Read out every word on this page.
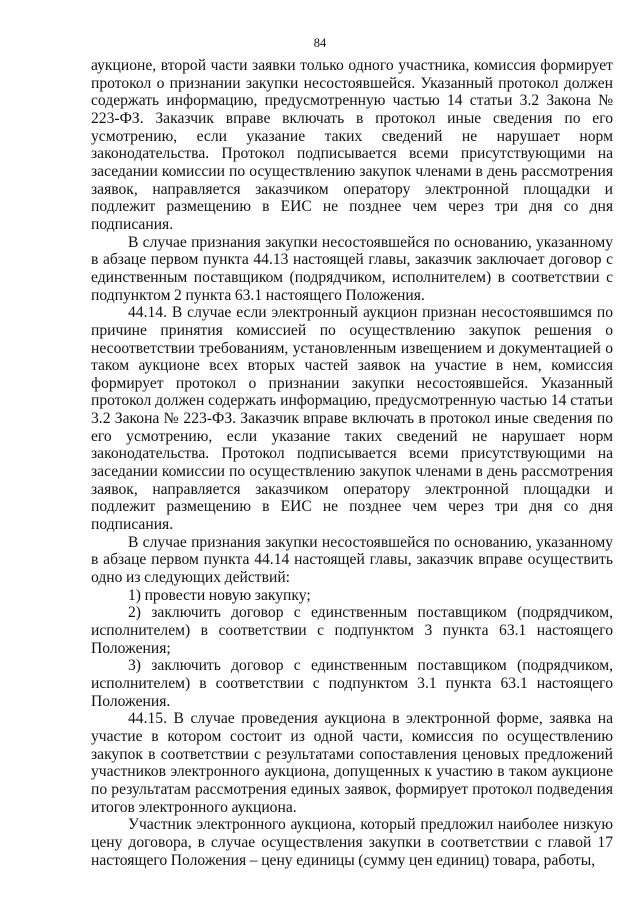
84

аукционе, второй части заявки только одного участника, комиссия формирует протокол о признании закупки несостоявшейся. Указанный протокол должен содержать информацию, предусмотренную частью 14 статьи 3.2 Закона № 223-ФЗ. Заказчик вправе включать в протокол иные сведения по его усмотрению, если указание таких сведений не нарушает норм законодательства. Протокол подписывается всеми присутствующими на заседании комиссии по осуществлению закупок членами в день рассмотрения заявок, направляется заказчиком оператору электронной площадки и подлежит размещению в ЕИС не позднее чем через три дня со дня подписания.

В случае признания закупки несостоявшейся по основанию, указанному в абзаце первом пункта 44.13 настоящей главы, заказчик заключает договор с единственным поставщиком (подрядчиком, исполнителем) в соответствии с подпунктом 2 пункта 63.1 настоящего Положения.

44.14. В случае если электронный аукцион признан несостоявшимся по причине принятия комиссией по осуществлению закупок решения о несоответствии требованиям, установленным извещением и документацией о таком аукционе всех вторых частей заявок на участие в нем, комиссия формирует протокол о признании закупки несостоявшейся. Указанный протокол должен содержать информацию, предусмотренную частью 14 статьи 3.2 Закона № 223-ФЗ. Заказчик вправе включать в протокол иные сведения по его усмотрению, если указание таких сведений не нарушает норм законодательства. Протокол подписывается всеми присутствующими на заседании комиссии по осуществлению закупок членами в день рассмотрения заявок, направляется заказчиком оператору электронной площадки и подлежит размещению в ЕИС не позднее чем через три дня со дня подписания.

В случае признания закупки несостоявшейся по основанию, указанному в абзаце первом пункта 44.14 настоящей главы, заказчик вправе осуществить одно из следующих действий:

1) провести новую закупку;

2) заключить договор с единственным поставщиком (подрядчиком, исполнителем) в соответствии с подпунктом 3 пункта 63.1 настоящего Положения;

3) заключить договор с единственным поставщиком (подрядчиком, исполнителем) в соответствии с подпунктом 3.1 пункта 63.1 настоящего Положения.

44.15. В случае проведения аукциона в электронной форме, заявка на участие в котором состоит из одной части, комиссия по осуществлению закупок в соответствии с результатами сопоставления ценовых предложений участников электронного аукциона, допущенных к участию в таком аукционе по результатам рассмотрения единых заявок, формирует протокол подведения итогов электронного аукциона.

Участник электронного аукциона, который предложил наиболее низкую цену договора, в случае осуществления закупки в соответствии с главой 17 настоящего Положения – цену единицы (сумму цен единиц) товара, работы,
